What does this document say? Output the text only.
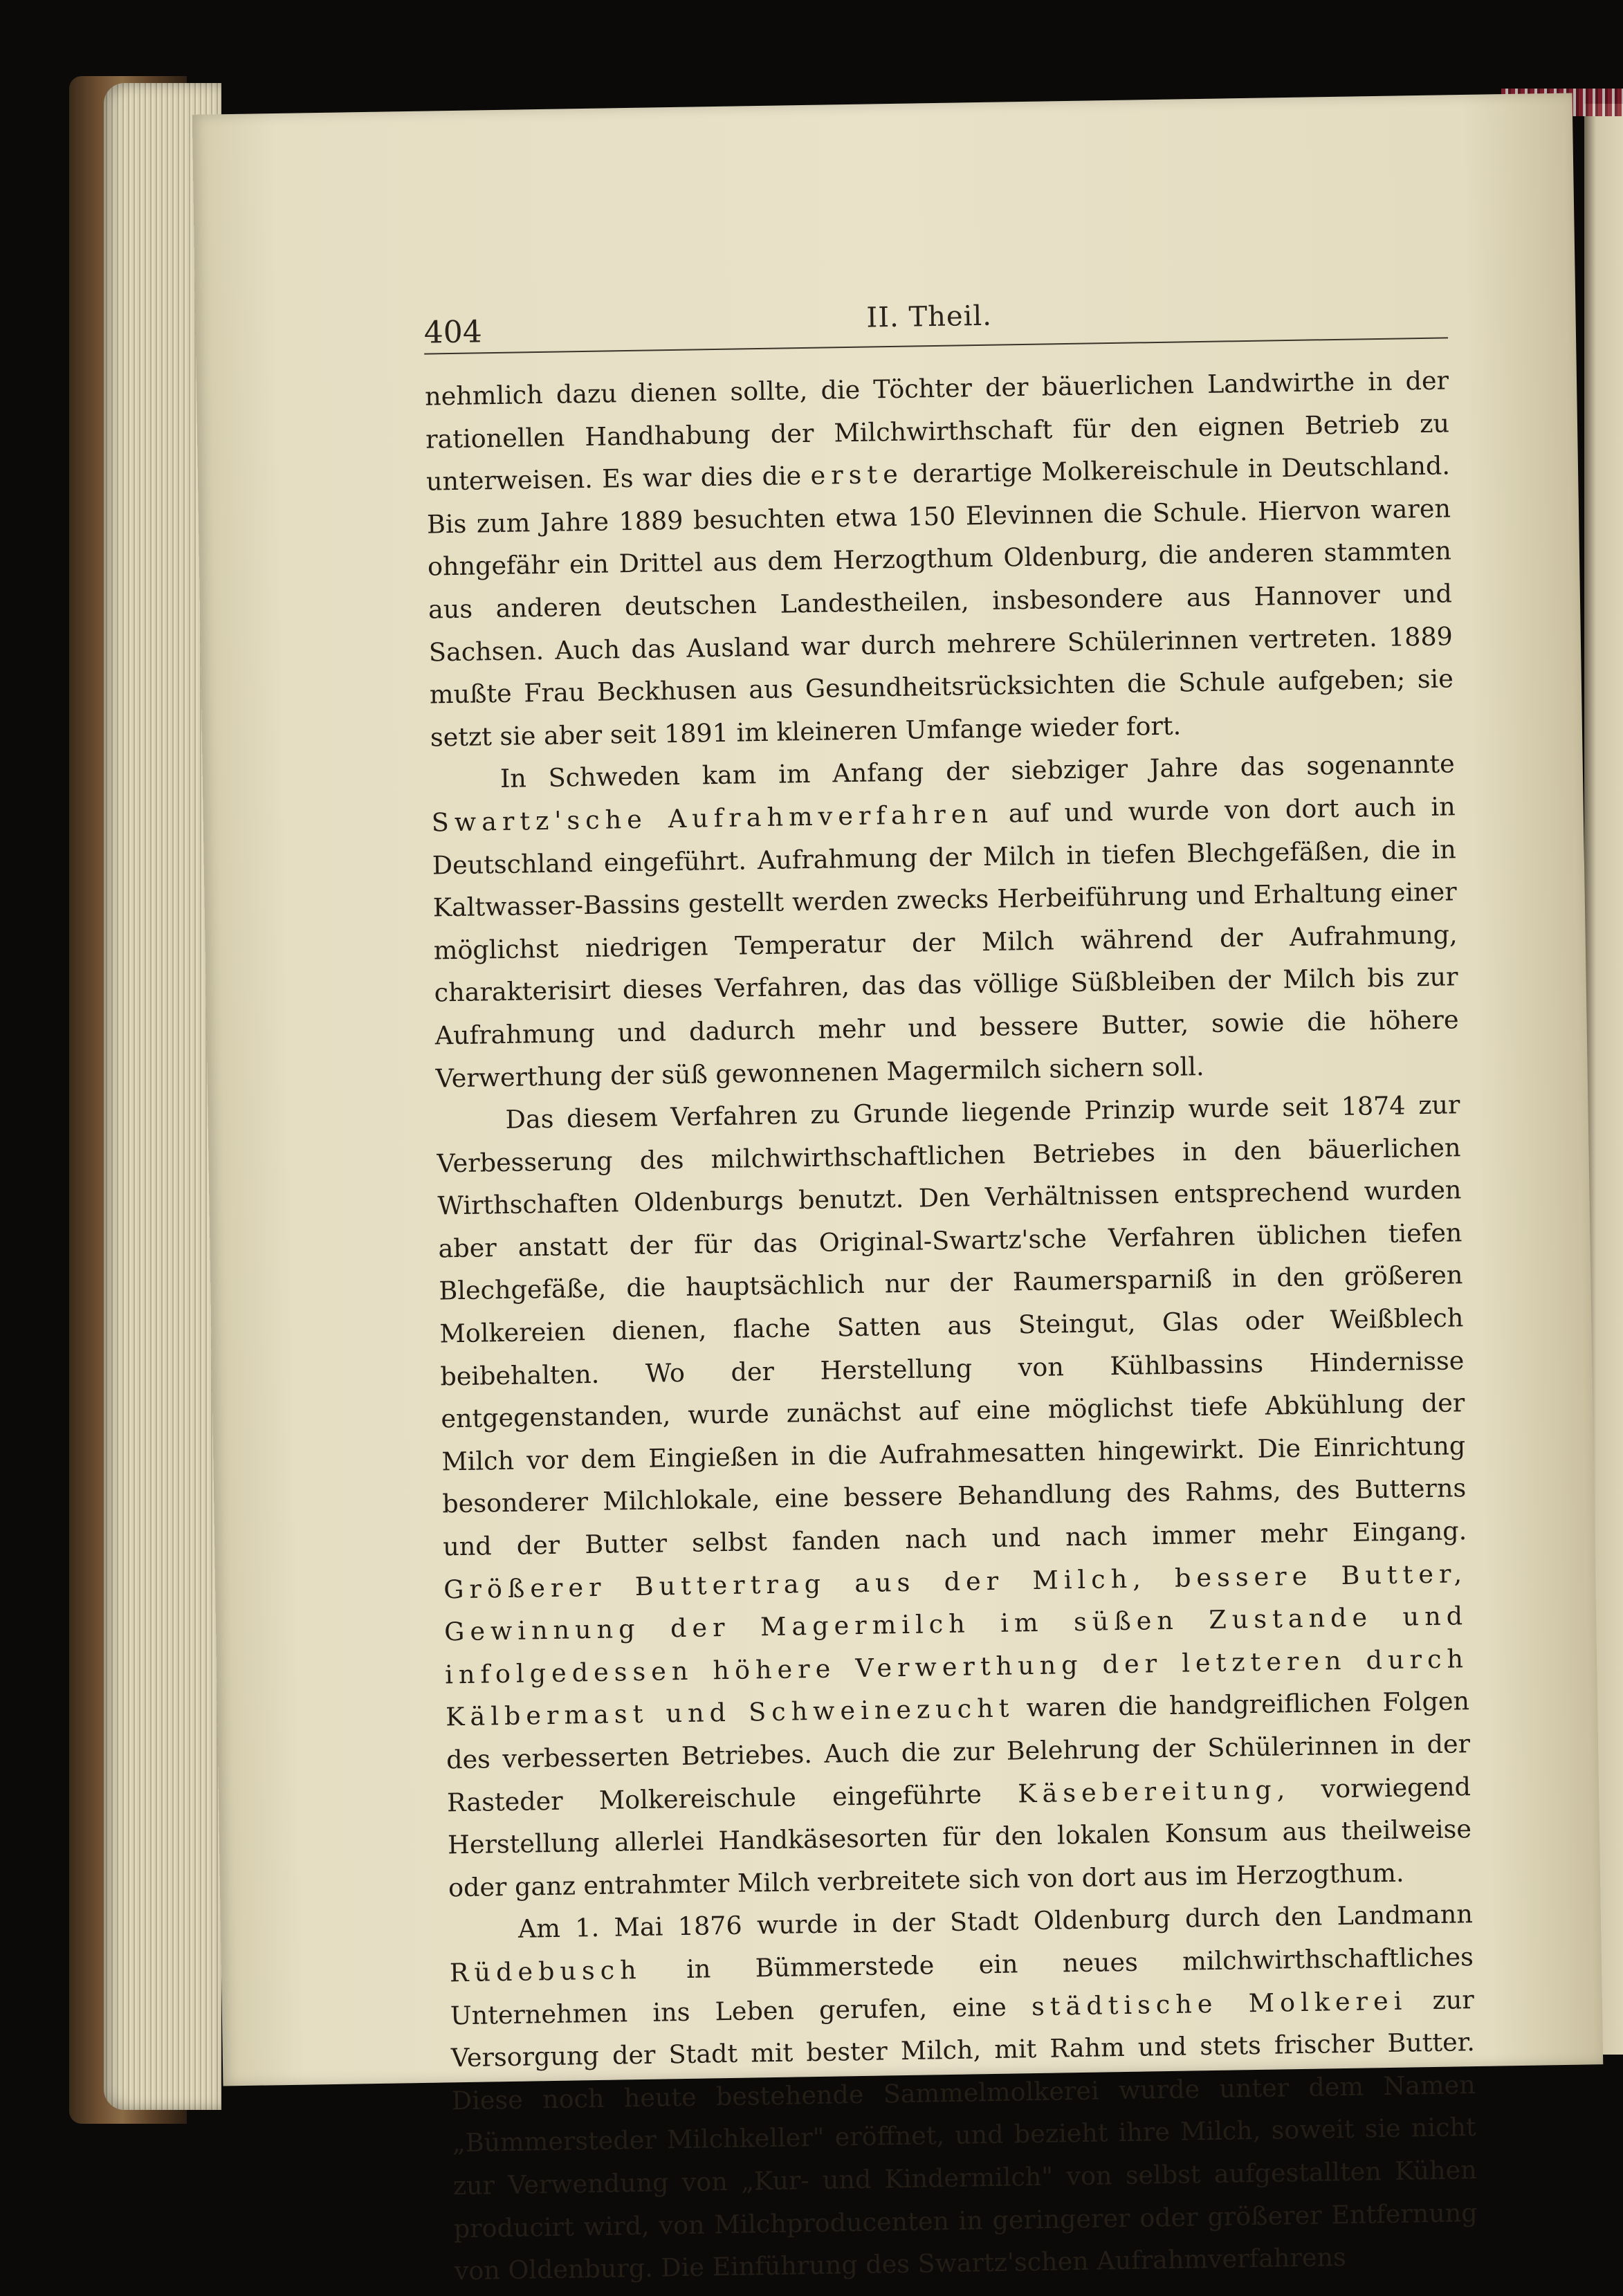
404	II. Theil.

nehmlich dazu dienen sollte, die Töchter der bäuerlichen Landwirthe in der rationellen Handhabung der Milchwirthschaft für den eignen Betrieb zu unterweisen. Es war dies die erste derartige Molkereischule in Deutschland. Bis zum Jahre 1889 besuchten etwa 150 Elevinnen die Schule. Hiervon waren ohngefähr ein Drittel aus dem Herzogthum Oldenburg, die anderen stammten aus anderen deutschen Landestheilen, insbesondere aus Hannover und Sachsen. Auch das Ausland war durch mehrere Schülerinnen vertreten. 1889 mußte Frau Beckhusen aus Gesundheitsrücksichten die Schule aufgeben; sie setzt sie aber seit 1891 im kleineren Umfange wieder fort.

In Schweden kam im Anfang der siebziger Jahre das sogenannte Swartz'sche Aufrahmverfahren auf und wurde von dort auch in Deutschland eingeführt. Aufrahmung der Milch in tiefen Blechgefäßen, die in Kaltwasser-Bassins gestellt werden zwecks Herbeiführung und Erhaltung einer möglichst niedrigen Temperatur der Milch während der Aufrahmung, charakterisirt dieses Verfahren, das das völlige Süßbleiben der Milch bis zur Aufrahmung und dadurch mehr und bessere Butter, sowie die höhere Verwerthung der süß gewonnenen Magermilch sichern soll.

Das diesem Verfahren zu Grunde liegende Prinzip wurde seit 1874 zur Verbesserung des milchwirthschaftlichen Betriebes in den bäuerlichen Wirthschaften Oldenburgs benutzt. Den Verhältnissen entsprechend wurden aber anstatt der für das Original-Swartz'sche Verfahren üblichen tiefen Blechgefäße, die hauptsächlich nur der Raumersparniß in den größeren Molkereien dienen, flache Satten aus Steingut, Glas oder Weißblech beibehalten. Wo der Herstellung von Kühlbassins Hindernisse entgegenstanden, wurde zunächst auf eine möglichst tiefe Abkühlung der Milch vor dem Eingießen in die Aufrahmesatten hingewirkt. Die Einrichtung besonderer Milchlokale, eine bessere Behandlung des Rahms, des Butterns und der Butter selbst fanden nach und nach immer mehr Eingang. Größerer Buttertrag aus der Milch, bessere Butter, Gewinnung der Magermilch im süßen Zustande und infolgedessen höhere Verwerthung der letzteren durch Kälbermast und Schweinezucht waren die handgreiflichen Folgen des verbesserten Betriebes. Auch die zur Belehrung der Schülerinnen in der Rasteder Molkereischule eingeführte Käsebereitung, vorwiegend Herstellung allerlei Handkäsesorten für den lokalen Konsum aus theilweise oder ganz entrahmter Milch verbreitete sich von dort aus im Herzogthum.

Am 1. Mai 1876 wurde in der Stadt Oldenburg durch den Landmann Rüdebusch in Bümmerstede ein neues milchwirthschaftliches Unternehmen ins Leben gerufen, eine städtische Molkerei zur Versorgung der Stadt mit bester Milch, mit Rahm und stets frischer Butter. Diese noch heute bestehende Sammelmolkerei wurde unter dem Namen „Bümmersteder Milchkeller" eröffnet, und bezieht ihre Milch, soweit sie nicht zur Verwendung von „Kur- und Kindermilch" von selbst aufgestallten Kühen producirt wird, von Milchproducenten in geringerer oder größerer Entfernung von Oldenburg. Die Einführung des Swartz'schen Aufrahmverfahrens
